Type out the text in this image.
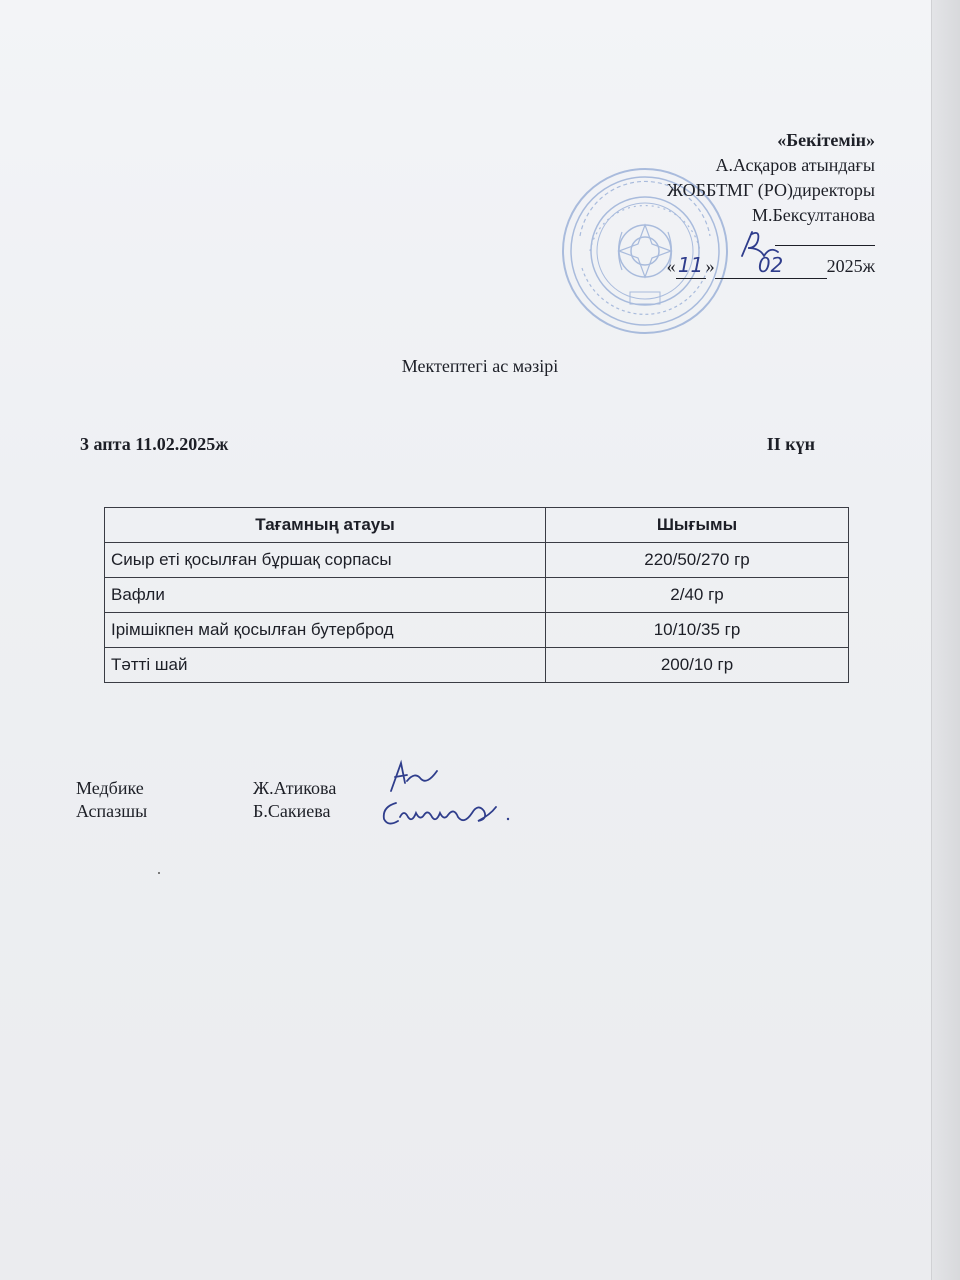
«Бекітемін»
А.Асқаров атындағы
ЖОББТМГ (РО)директоры
М.Бексултанова
« 11 » 02 2025ж
Мектептегі ас мәзірі
3 апта 11.02.2025ж	II күн
Тағамның атауы	Шығымы
Сиыр еті қосылған бұршақ сорпасы	220/50/270 гр
Вафли	2/40 гр
Ірімшікпен май қосылған бутерброд	10/10/35 гр
Тәтті шай	200/10 гр
Медбике	Ж.Атикова
Аспазшы	Б.Сакиева
